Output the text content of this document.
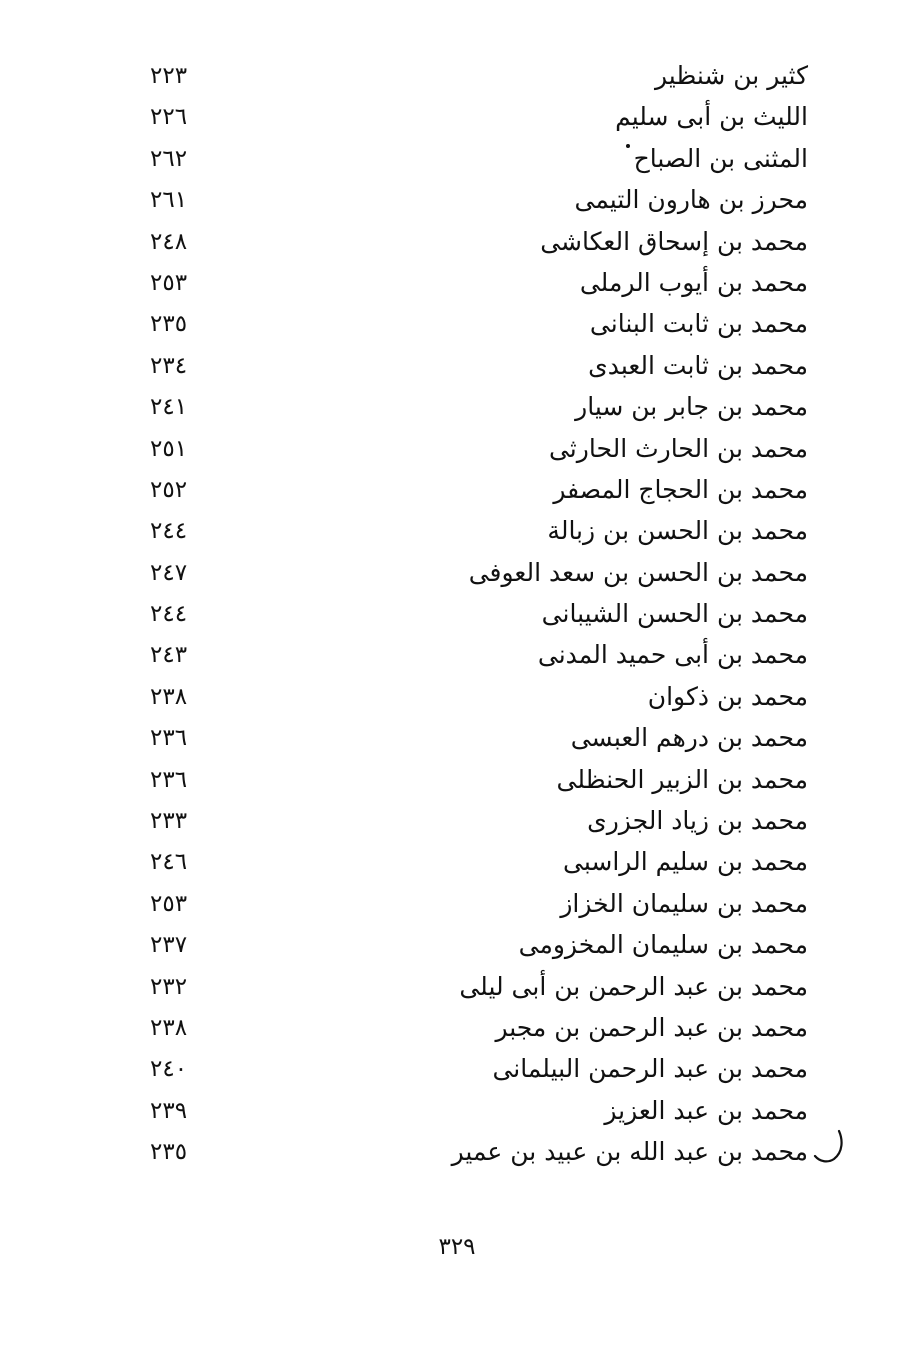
كثير بن شنظير
٢٢٣
الليث بن أبى سليم
٢٢٦
المثنى بن الصباح
٢٦٢
محرز بن هارون التيمى
٢٦١
محمد بن إسحاق العكاشى
٢٤٨
محمد بن أيوب الرملى
٢٥٣
محمد بن ثابت البنانى
٢٣٥
محمد بن ثابت العبدى
٢٣٤
محمد بن جابر بن سيار
٢٤١
محمد بن الحارث الحارثى
٢٥١
محمد بن الحجاج المصفر
٢٥٢
محمد بن الحسن بن زبالة
٢٤٤
محمد بن الحسن بن سعد العوفى
٢٤٧
محمد بن الحسن الشيبانى
٢٤٤
محمد بن أبى حميد المدنى
٢٤٣
محمد بن ذكوان
٢٣٨
محمد بن درهم العبسى
٢٣٦
محمد بن الزبير الحنظلى
٢٣٦
محمد بن زياد الجزرى
٢٣٣
محمد بن سليم الراسبى
٢٤٦
محمد بن سليمان الخزاز
٢٥٣
محمد بن سليمان المخزومى
٢٣٧
محمد بن عبد الرحمن بن أبى ليلى
٢٣٢
محمد بن عبد الرحمن بن مجبر
٢٣٨
محمد بن عبد الرحمن البيلمانى
٢٤٠
محمد بن عبد العزيز
٢٣٩
محمد بن عبد الله بن عبيد بن عمير
٢٣٥
٣٢٩
